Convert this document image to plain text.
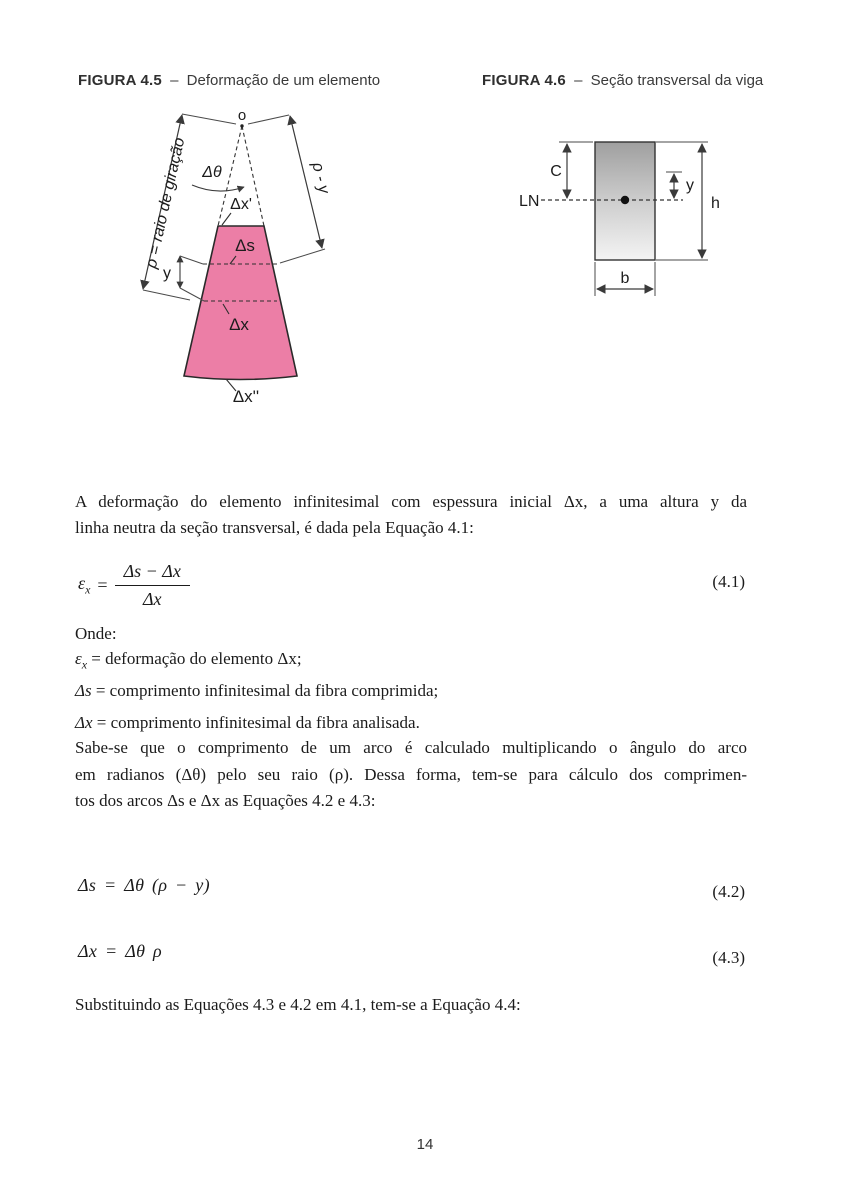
FIGURA 4.5 – Deformação de um elemento	FIGURA 4.6 – Seção transversal da viga
o
Δθ
Δx'
Δs
y
Δx
Δx''
ρ = raio de giração	ρ - y
LN
C
y
h
b
A deformação do elemento infinitesimal com espessura inicial Δx, a uma altura y da
linha neutra da seção transversal, é dada pela Equação 4.1:
$\varepsilon_x = \frac{\Delta s - \Delta x}{\Delta x}$	(4.1)
Onde:
$\varepsilon_x$ = deformação do elemento Δx;
Δs = comprimento infinitesimal da fibra comprimida;
Δx = comprimento infinitesimal da fibra analisada.
Sabe-se que o comprimento de um arco é calculado multiplicando o ângulo do arco
em radianos (Δθ) pelo seu raio (ρ). Dessa forma, tem-se para cálculo dos comprimen-
tos dos arcos Δs e Δx as Equações 4.2 e 4.3:
Δs = Δθ (ρ − y)	(4.2)
Δx = Δθ ρ	(4.3)
Substituindo as Equações 4.3 e 4.2 em 4.1, tem-se a Equação 4.4:
14
